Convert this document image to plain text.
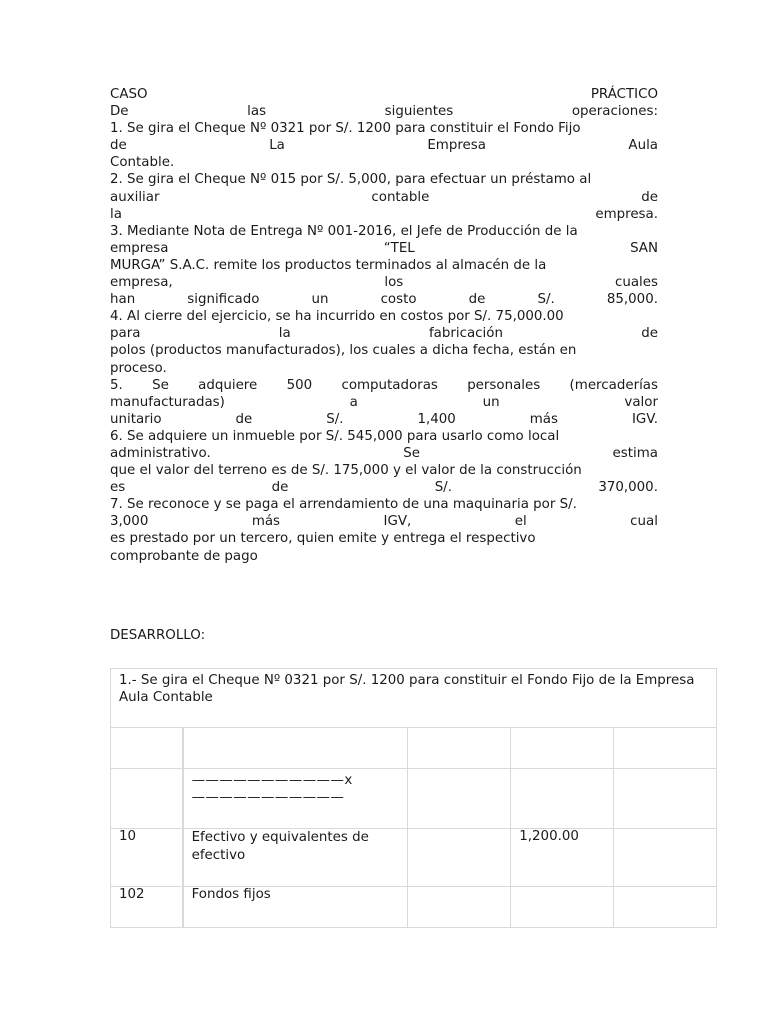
CASO	PRÁCTICO
De	las	siguientes	operaciones:
1. Se gira el Cheque Nº 0321 por S/. 1200 para constituir el Fondo Fijo
de	La	Empresa	Aula
Contable.
2. Se gira el Cheque Nº 015 por S/. 5,000, para efectuar un préstamo al
auxiliar	contable	de
la	empresa.
3. Mediante Nota de Entrega Nº 001-2016, el Jefe de Producción de la
empresa	“TEL	SAN
MURGA” S.A.C. remite los productos terminados al almacén de la
empresa,	los	cuales
han	significado	un	costo	de	S/.	85,000.
4. Al cierre del ejercicio, se ha incurrido en costos por S/. 75,000.00
para	la	fabricación	de
polos (productos manufacturados), los cuales a dicha fecha, están en
proceso.
5. Se adquiere 500 computadoras personales (mercaderías
manufacturadas)	a	un	valor
unitario	de	S/.	1,400	más	IGV.
6. Se adquiere un inmueble por S/. 545,000 para usarlo como local
administrativo.	Se	estima
que el valor del terreno es de S/. 175,000 y el valor de la construcción
es	de	S/.	370,000.
7. Se reconoce y se paga el arrendamiento de una maquinaria por S/.
3,000	más	IGV,	el	cual
es prestado por un tercero, quien emite y entrega el respectivo
comprobante de pago
DESARROLLO:
1.- Se gira el Cheque Nº 0321 por S/. 1200 para constituir el Fondo Fijo de la Empresa Aula Contable				

		———————————x ———————————			
10		Efectivo y equivalentes de efectivo		1,200.00	
102		Fondos fijos			
